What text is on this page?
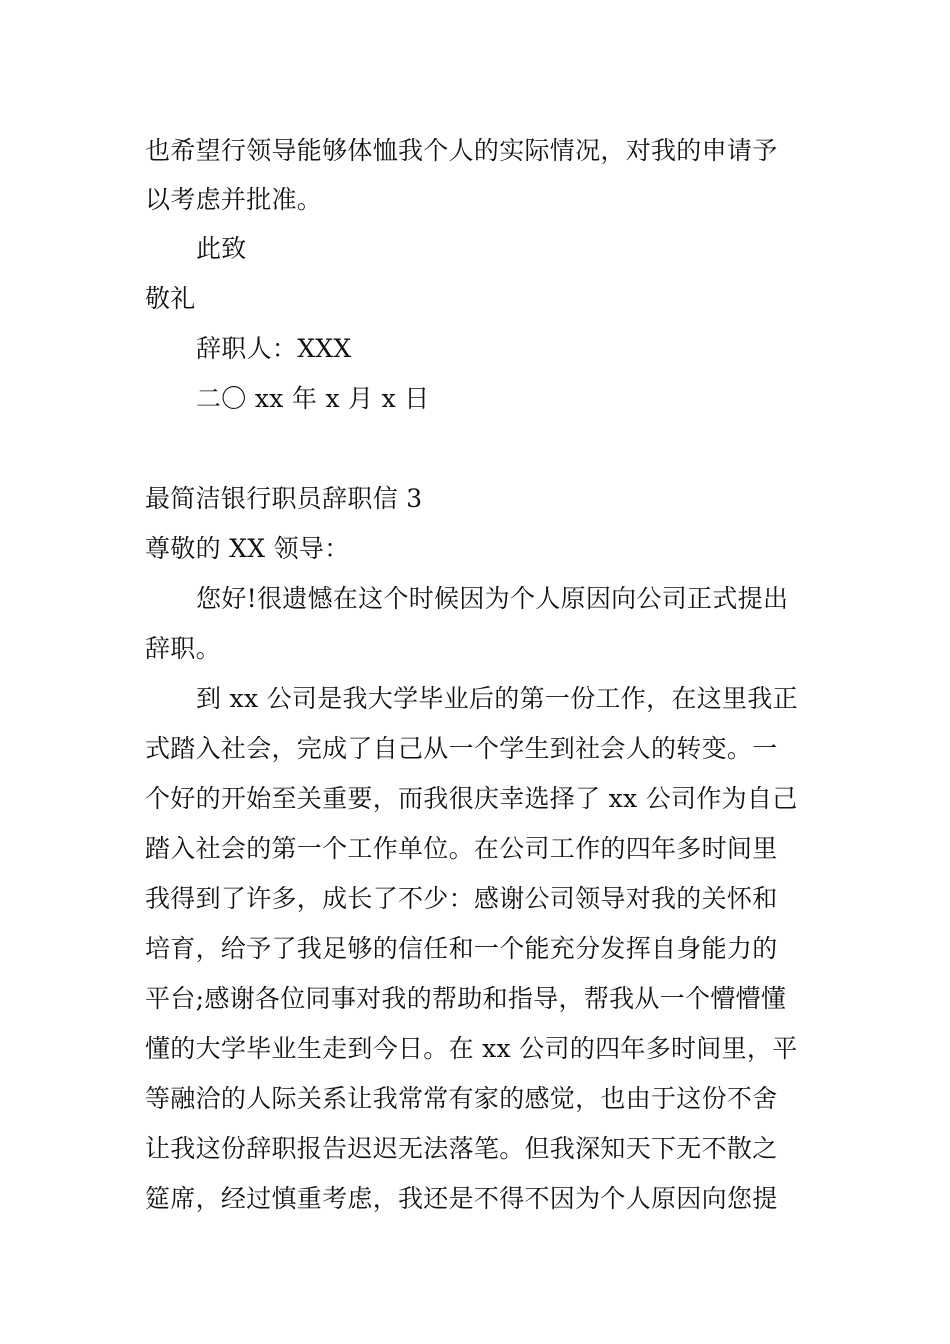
也希望行领导能够体恤我个人的实际情况，对我的申请予
以考虑并批准。
此致
敬礼
辞职人：XXX
二〇 xx 年 x 月 x 日
最简洁银行职员辞职信 3
尊敬的 XX 领导：
您好!很遗憾在这个时候因为个人原因向公司正式提出
辞职。
到 xx 公司是我大学毕业后的第一份工作，在这里我正
式踏入社会，完成了自己从一个学生到社会人的转变。一
个好的开始至关重要，而我很庆幸选择了 xx 公司作为自己
踏入社会的第一个工作单位。在公司工作的四年多时间里
我得到了许多，成长了不少：感谢公司领导对我的关怀和
培育，给予了我足够的信任和一个能充分发挥自身能力的
平台;感谢各位同事对我的帮助和指导，帮我从一个懵懵懂
懂的大学毕业生走到今日。在 xx 公司的四年多时间里，平
等融洽的人际关系让我常常有家的感觉，也由于这份不舍
让我这份辞职报告迟迟无法落笔。但我深知天下无不散之
筵席，经过慎重考虑，我还是不得不因为个人原因向您提
